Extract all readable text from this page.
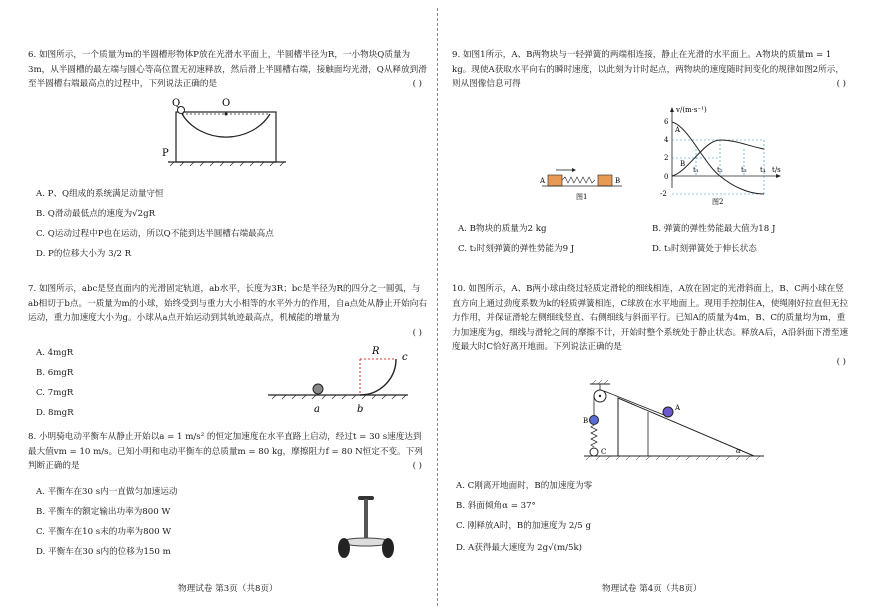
6. 如图所示，一个质量为m的半圆槽形物体P放在光滑水平面上，半圆槽半径为R，一小物块Q质量为3m，从半圆槽的最左端与圆心等高位置无初速释放，然后滑上半圆槽右端，接触面均光滑，Q从释放到滑至半圆槽右端最高点的过程中，下列说法正确的是	( )
Q	O
P
A. P、Q组成的系统满足动量守恒
B. Q滑动最低点的速度为√2gR
C. Q运动过程中P也在运动，所以Q不能到达半圆槽右端最高点
D. P的位移大小为 3/2 R

7. 如图所示，abc是竖直面内的光滑固定轨道，ab水平，长度为3R；bc是半径为R的四分之一圆弧，与ab相切于b点。一质量为m的小球，始终受到与重力大小相等的水平外力的作用，自a点处从静止开始向右运动，重力加速度大小为g。小球从a点开始运动到其轨迹最高点，机械能的增量为

( )
A. 4mgR
B. 6mgR
C. 7mgR
D. 8mgR
R
c
a	b

8. 小明骑电动平衡车从静止开始以a = 1 m/s² 的恒定加速度在水平直路上启动，经过t = 30 s速度达到最大值vm = 10 m/s。已知小明和电动平衡车的总质量m = 80 kg，摩擦阻力f = 80 N恒定不变。下列判断正确的是	( )
A. 平衡车在30 s内一直做匀加速运动
B. 平衡车的额定输出功率为800 W
C. 平衡车在10 s末的功率为800 W
D. 平衡车在30 s内的位移为150 m
物理试卷 第3页（共8页）

9. 如图1所示，A、B两物块与一轻弹簧的两端相连接，静止在光滑的水平面上。A物块的质量m = 1 kg。现使A获取水平向右的瞬时速度，以此刻为计时起点，两物块的速度随时间变化的规律如图2所示，则从图像信息可得	( )
A	B
图1
v/(m·s⁻¹)
t/s
6
4
2
0
-2
A
B
t₁	t₂	t₃ t₄
图2
A. B物块的质量为2 kg	B. 弹簧的弹性势能最大值为18 J
C. t₂时刻弹簧的弹性势能为9 J	D. t₃时刻弹簧处于伸长状态

10. 如图所示，A、B两小球由绕过轻质定滑轮的细线相连，A放在固定的光滑斜面上，B、C两小球在竖直方向上通过劲度系数为k的轻质弹簧相连，C球放在水平地面上。现用手控制住A，使绳刚好拉直但无拉力作用，并保证滑轮左侧细线竖直、右侧细线与斜面平行。已知A的质量为4m，B、C的质量均为m，重力加速度为g，细线与滑轮之间的摩擦不计，开始时整个系统处于静止状态。释放A后，A沿斜面下滑至速度最大时C恰好离开地面。下列说法正确的是

( )
B
C
A
α
A. C刚离开地面时，B的加速度为零
B. 斜面倾角α = 37°
C. 刚释放A时，B的加速度为 2/5 g
D. A获得最大速度为 2g√(m/5k)
物理试卷 第4页（共8页）
